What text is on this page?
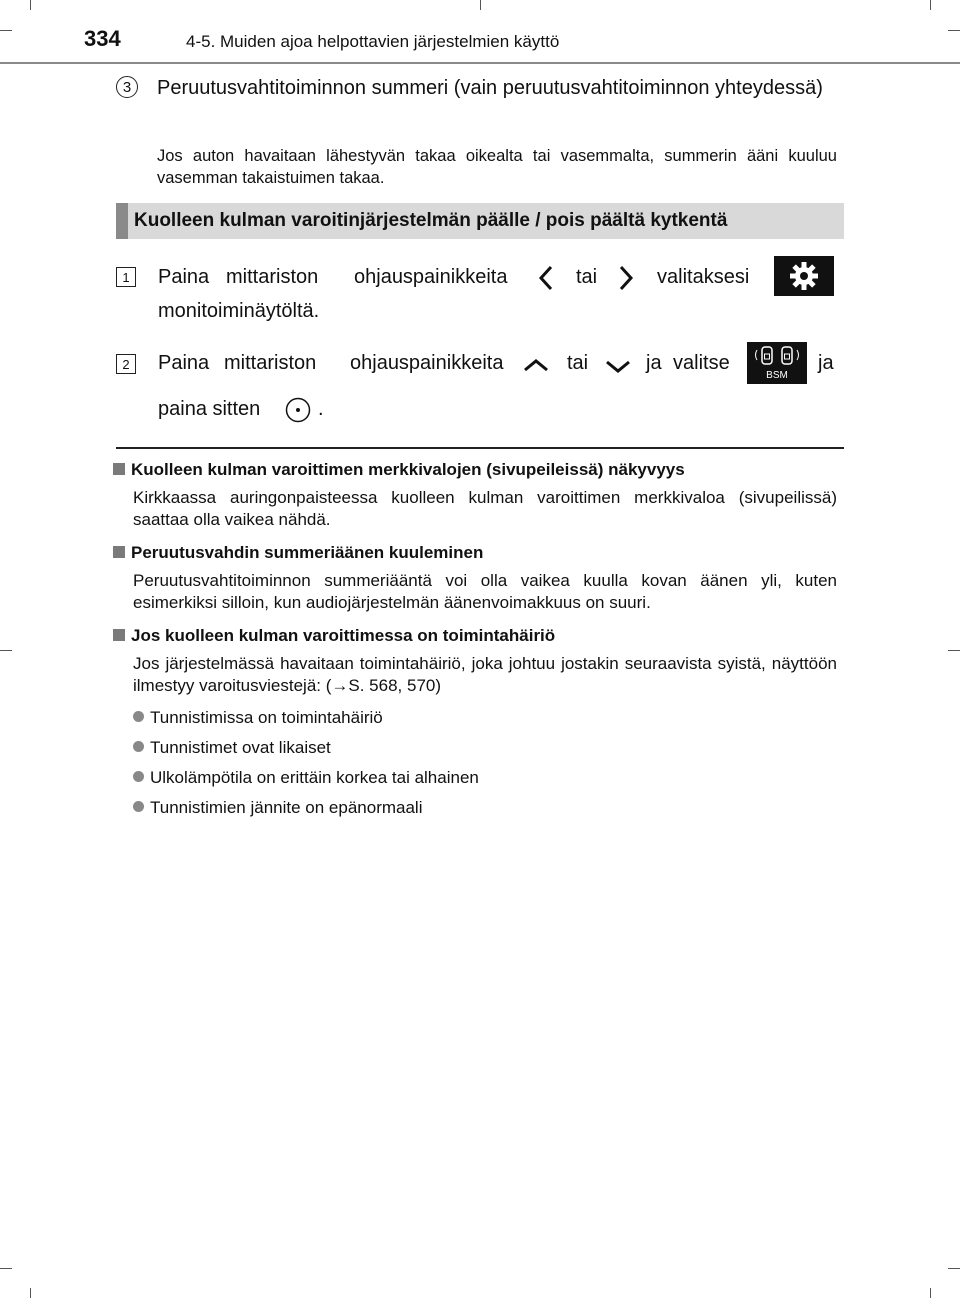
334	4-5. Muiden ajoa helpottavien järjestelmien käyttö
3	Peruutusvahtitoiminnon summeri (vain peruutusvahtitoiminnon yhteydessä)
Jos auton havaitaan lähestyvän takaa oikealta tai vasemmalta, summerin ääni kuuluu vasemman takaistuimen takaa.
Kuolleen kulman varoitinjärjestelmän päälle / pois päältä kytkentä
1	Paina mittariston ohjauspainikkeita	tai	valitaksesi
monitoiminäytöltä.
2	Paina mittariston ohjauspainikkeita	tai	ja valitse	ja
BSM
paina sitten	.
Kuolleen kulman varoittimen merkkivalojen (sivupeileissä) näkyvyys
Kirkkaassa auringonpaisteessa kuolleen kulman varoittimen merkkivaloa (sivupeilissä) saattaa olla vaikea nähdä.
Peruutusvahdin summeriäänen kuuleminen
Peruutusvahtitoiminnon summeriääntä voi olla vaikea kuulla kovan äänen yli, kuten esimerkiksi silloin, kun audiojärjestelmän äänenvoimakkuus on suuri.
Jos kuolleen kulman varoittimessa on toimintahäiriö
Jos järjestelmässä havaitaan toimintahäiriö, joka johtuu jostakin seuraavista syistä, näyttöön ilmestyy varoitusviestejä: (→S. 568, 570)
Tunnistimissa on toimintahäiriö
Tunnistimet ovat likaiset
Ulkolämpötila on erittäin korkea tai alhainen
Tunnistimien jännite on epänormaali
